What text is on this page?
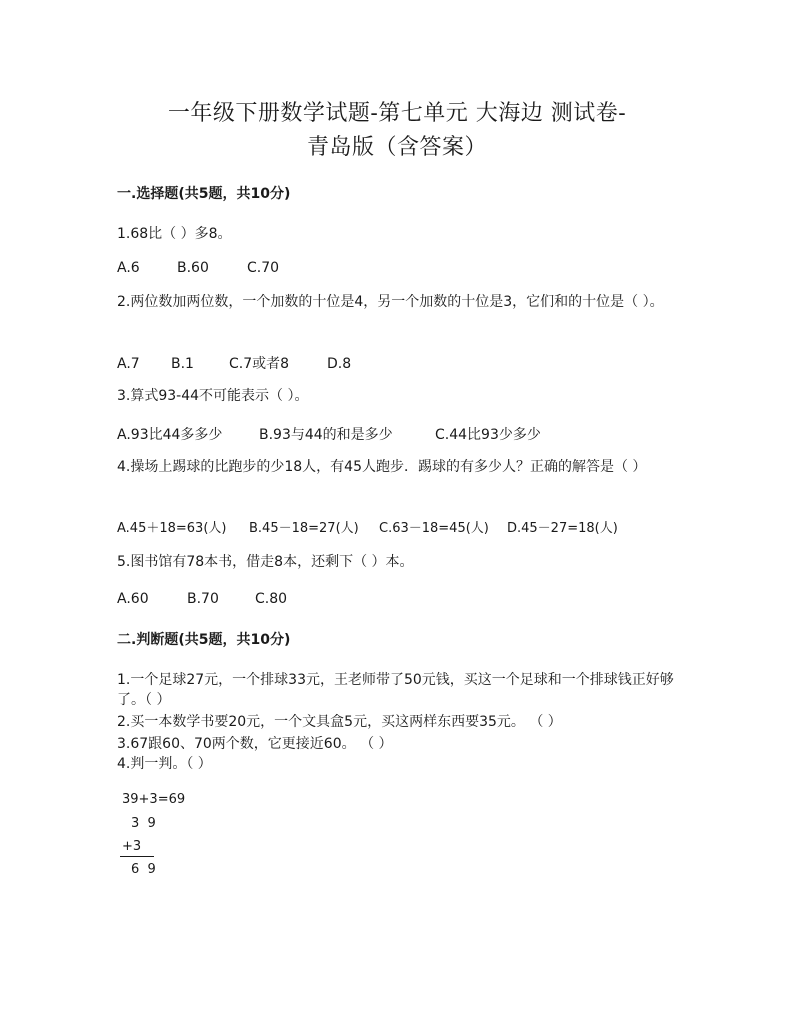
一年级下册数学试题-第七单元 大海边 测试卷-
青岛版（含答案）
一.选择题(共5题，共10分)
1.68比（ ）多8。
A.6	B.60	C.70
2.两位数加两位数，一个加数的十位是4，另一个加数的十位是3，它们和的十位是（ ）。
A.7 B.1	C.7或者8	D.8
3.算式93-44不可能表示（ ）。
A.93比44多多少	B.93与44的和是多少	C.44比93少多少
4.操场上踢球的比跑步的少18人，有45人跑步．踢球的有多少人？正确的解答是（ ）
A.45＋18=63(人) B.45－18=27(人) C.63－18=45(人) D.45－27=18(人)
5.图书馆有78本书，借走8本，还剩下（ ）本。
A.60	B.70	C.80
二.判断题(共5题，共10分)
1.一个足球27元，一个排球33元，王老师带了50元钱，买这一个足球和一个排球钱正好够了。（ ）
2.买一本数学书要20元，一个文具盒5元，买这两样东西要35元。 （ ）
3.67跟60、70两个数，它更接近60。 （ ）
4.判一判。（ ）
39+3=69
3  9
+3
6  9
